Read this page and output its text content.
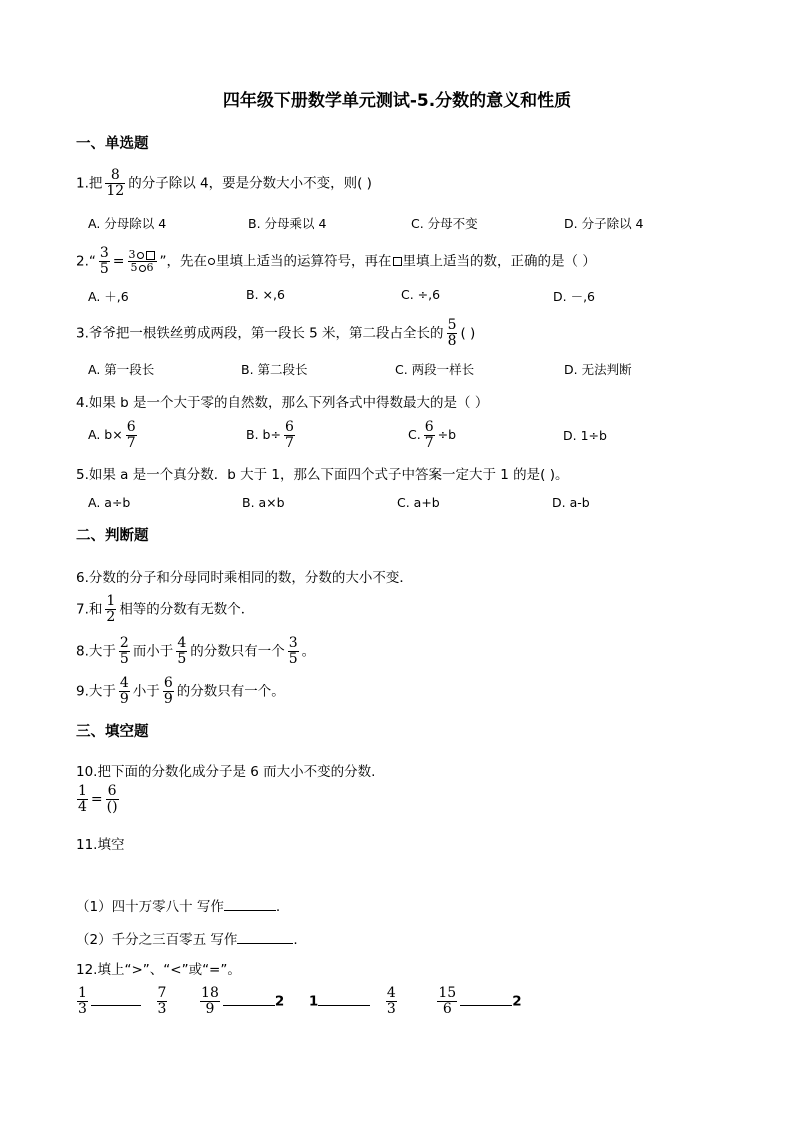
四年级下册数学单元测试-5.分数的意义和性质
一、单选题
1.把 $\frac{8}{12}$ 的分子除以 4，要是分数大小不变，则( )
A. 分母除以 4	B. 分母乘以 4	C. 分母不变	D. 分子除以 4
2.“ $\frac{3}{5} = \frac{3}{5 6}$ ”，先在 里填上适当的运算符号，再在 里填上适当的数，正确的是（ ）
A. ＋,6	B. ×,6	C. ÷,6	D. －,6
3.爷爷把一根铁丝剪成两段，第一段长 5 米，第二段占全长的 $\frac{5}{8}$ ( )
A. 第一段长	B. 第二段长	C. 两段一样长	D. 无法判断
4.如果 b 是一个大于零的自然数，那么下列各式中得数最大的是（ ）
A. $b\times \frac{6}{7}$	B. $b\div \frac{6}{7}$	C. $\frac{6}{7} \div b$	D. 1÷b
5.如果 a 是一个真分数．b 大于 1，那么下面四个式子中答案一定大于 1 的是( )。
A. a÷b	B. a×b	C. a+b	D. a-b
二、判断题
6.分数的分子和分母同时乘相同的数，分数的大小不变．
7.和 $\frac{1}{2}$ 相等的分数有无数个．
8.大于 $\frac{2}{5}$ 而小于 $\frac{4}{5}$ 的分数只有一个 $\frac{3}{5}$ 。
9.大于 $\frac{4}{9}$ 小于 $\frac{6}{9}$ 的分数只有一个。
三、填空题
10.把下面的分数化成分子是 6 而大小不变的分数.
$\frac{1}{4} = \frac{6}{()}$
11.填空
（1）四十万零八十 写作	.
（2）千分之三百零五 写作	.
12.填上“>”、“<”或“=”。
$\frac{1}{3}$
	$\frac{7}{3}$
$\frac{18}{9}$	2 1	$\frac{4}{3}$
	$\frac{15}{6}$	2
